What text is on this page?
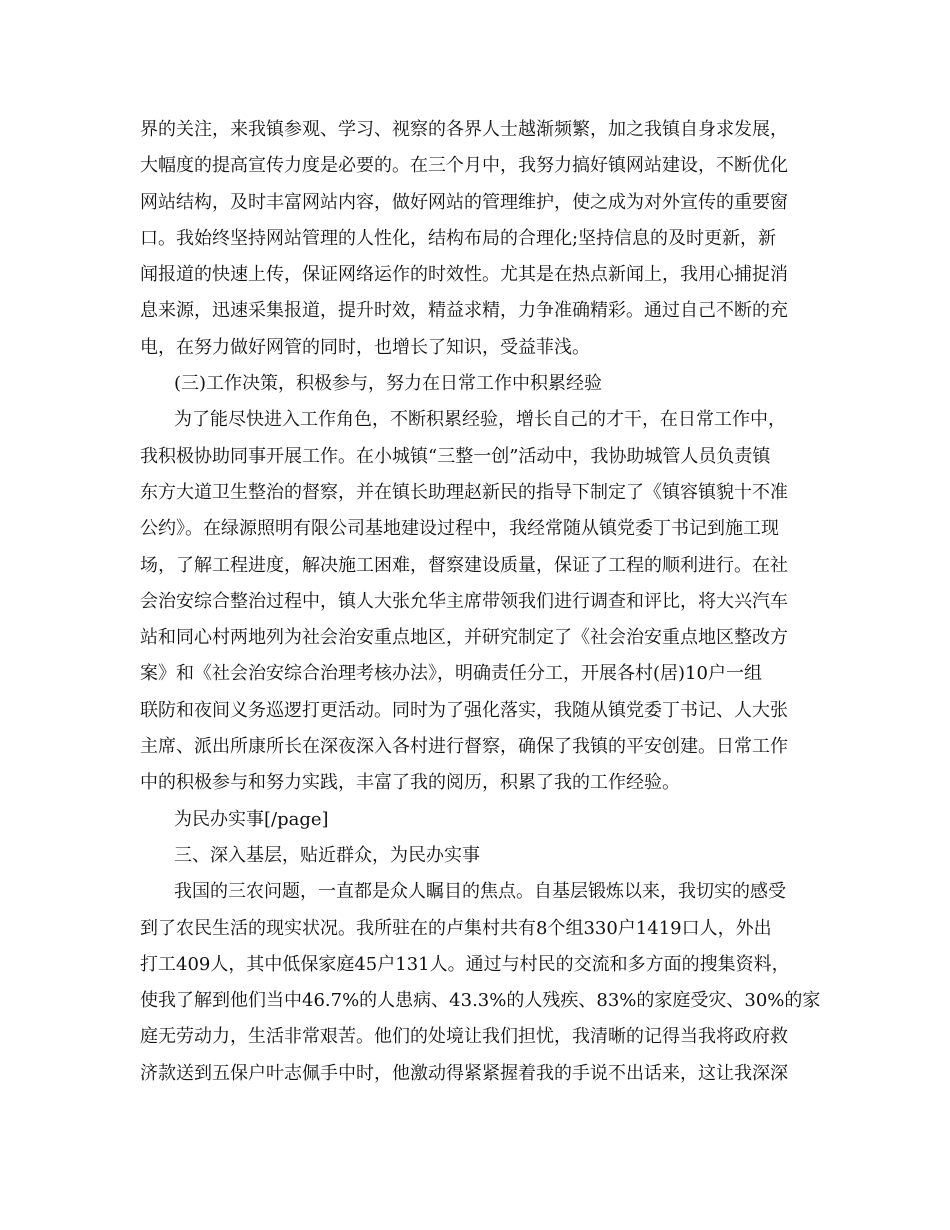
界的关注，来我镇参观、学习、视察的各界人士越渐频繁，加之我镇自身求发展，
大幅度的提高宣传力度是必要的。在三个月中，我努力搞好镇网站建设，不断优化
网站结构，及时丰富网站内容，做好网站的管理维护，使之成为对外宣传的重要窗
口。我始终坚持网站管理的人性化，结构布局的合理化;坚持信息的及时更新，新
闻报道的快速上传，保证网络运作的时效性。尤其是在热点新闻上，我用心捕捉消
息来源，迅速采集报道，提升时效，精益求精，力争准确精彩。通过自己不断的充
电，在努力做好网管的同时，也增长了知识，受益菲浅。
(三)工作决策，积极参与，努力在日常工作中积累经验
为了能尽快进入工作角色，不断积累经验，增长自己的才干，在日常工作中，
我积极协助同事开展工作。在小城镇“三整一创”活动中，我协助城管人员负责镇
东方大道卫生整治的督察，并在镇长助理赵新民的指导下制定了《镇容镇貌十不准
公约》。在绿源照明有限公司基地建设过程中，我经常随从镇党委丁书记到施工现
场，了解工程进度，解决施工困难，督察建设质量，保证了工程的顺利进行。在社
会治安综合整治过程中，镇人大张允华主席带领我们进行调查和评比，将大兴汽车
站和同心村两地列为社会治安重点地区，并研究制定了《社会治安重点地区整改方
案》和《社会治安综合治理考核办法》，明确责任分工，开展各村(居)10户一组
联防和夜间义务巡逻打更活动。同时为了强化落实，我随从镇党委丁书记、人大张
主席、派出所康所长在深夜深入各村进行督察，确保了我镇的平安创建。日常工作
中的积极参与和努力实践，丰富了我的阅历，积累了我的工作经验。
为民办实事[/page]
三、深入基层，贴近群众，为民办实事
我国的三农问题，一直都是众人瞩目的焦点。自基层锻炼以来，我切实的感受
到了农民生活的现实状况。我所驻在的卢集村共有8个组330户1419口人，外出
打工409人，其中低保家庭45户131人。通过与村民的交流和多方面的搜集资料，
使我了解到他们当中46.7%的人患病、43.3%的人残疾、83%的家庭受灾、30%的家
庭无劳动力，生活非常艰苦。他们的处境让我们担忧，我清晰的记得当我将政府救
济款送到五保户叶志佩手中时，他激动得紧紧握着我的手说不出话来，这让我深深
